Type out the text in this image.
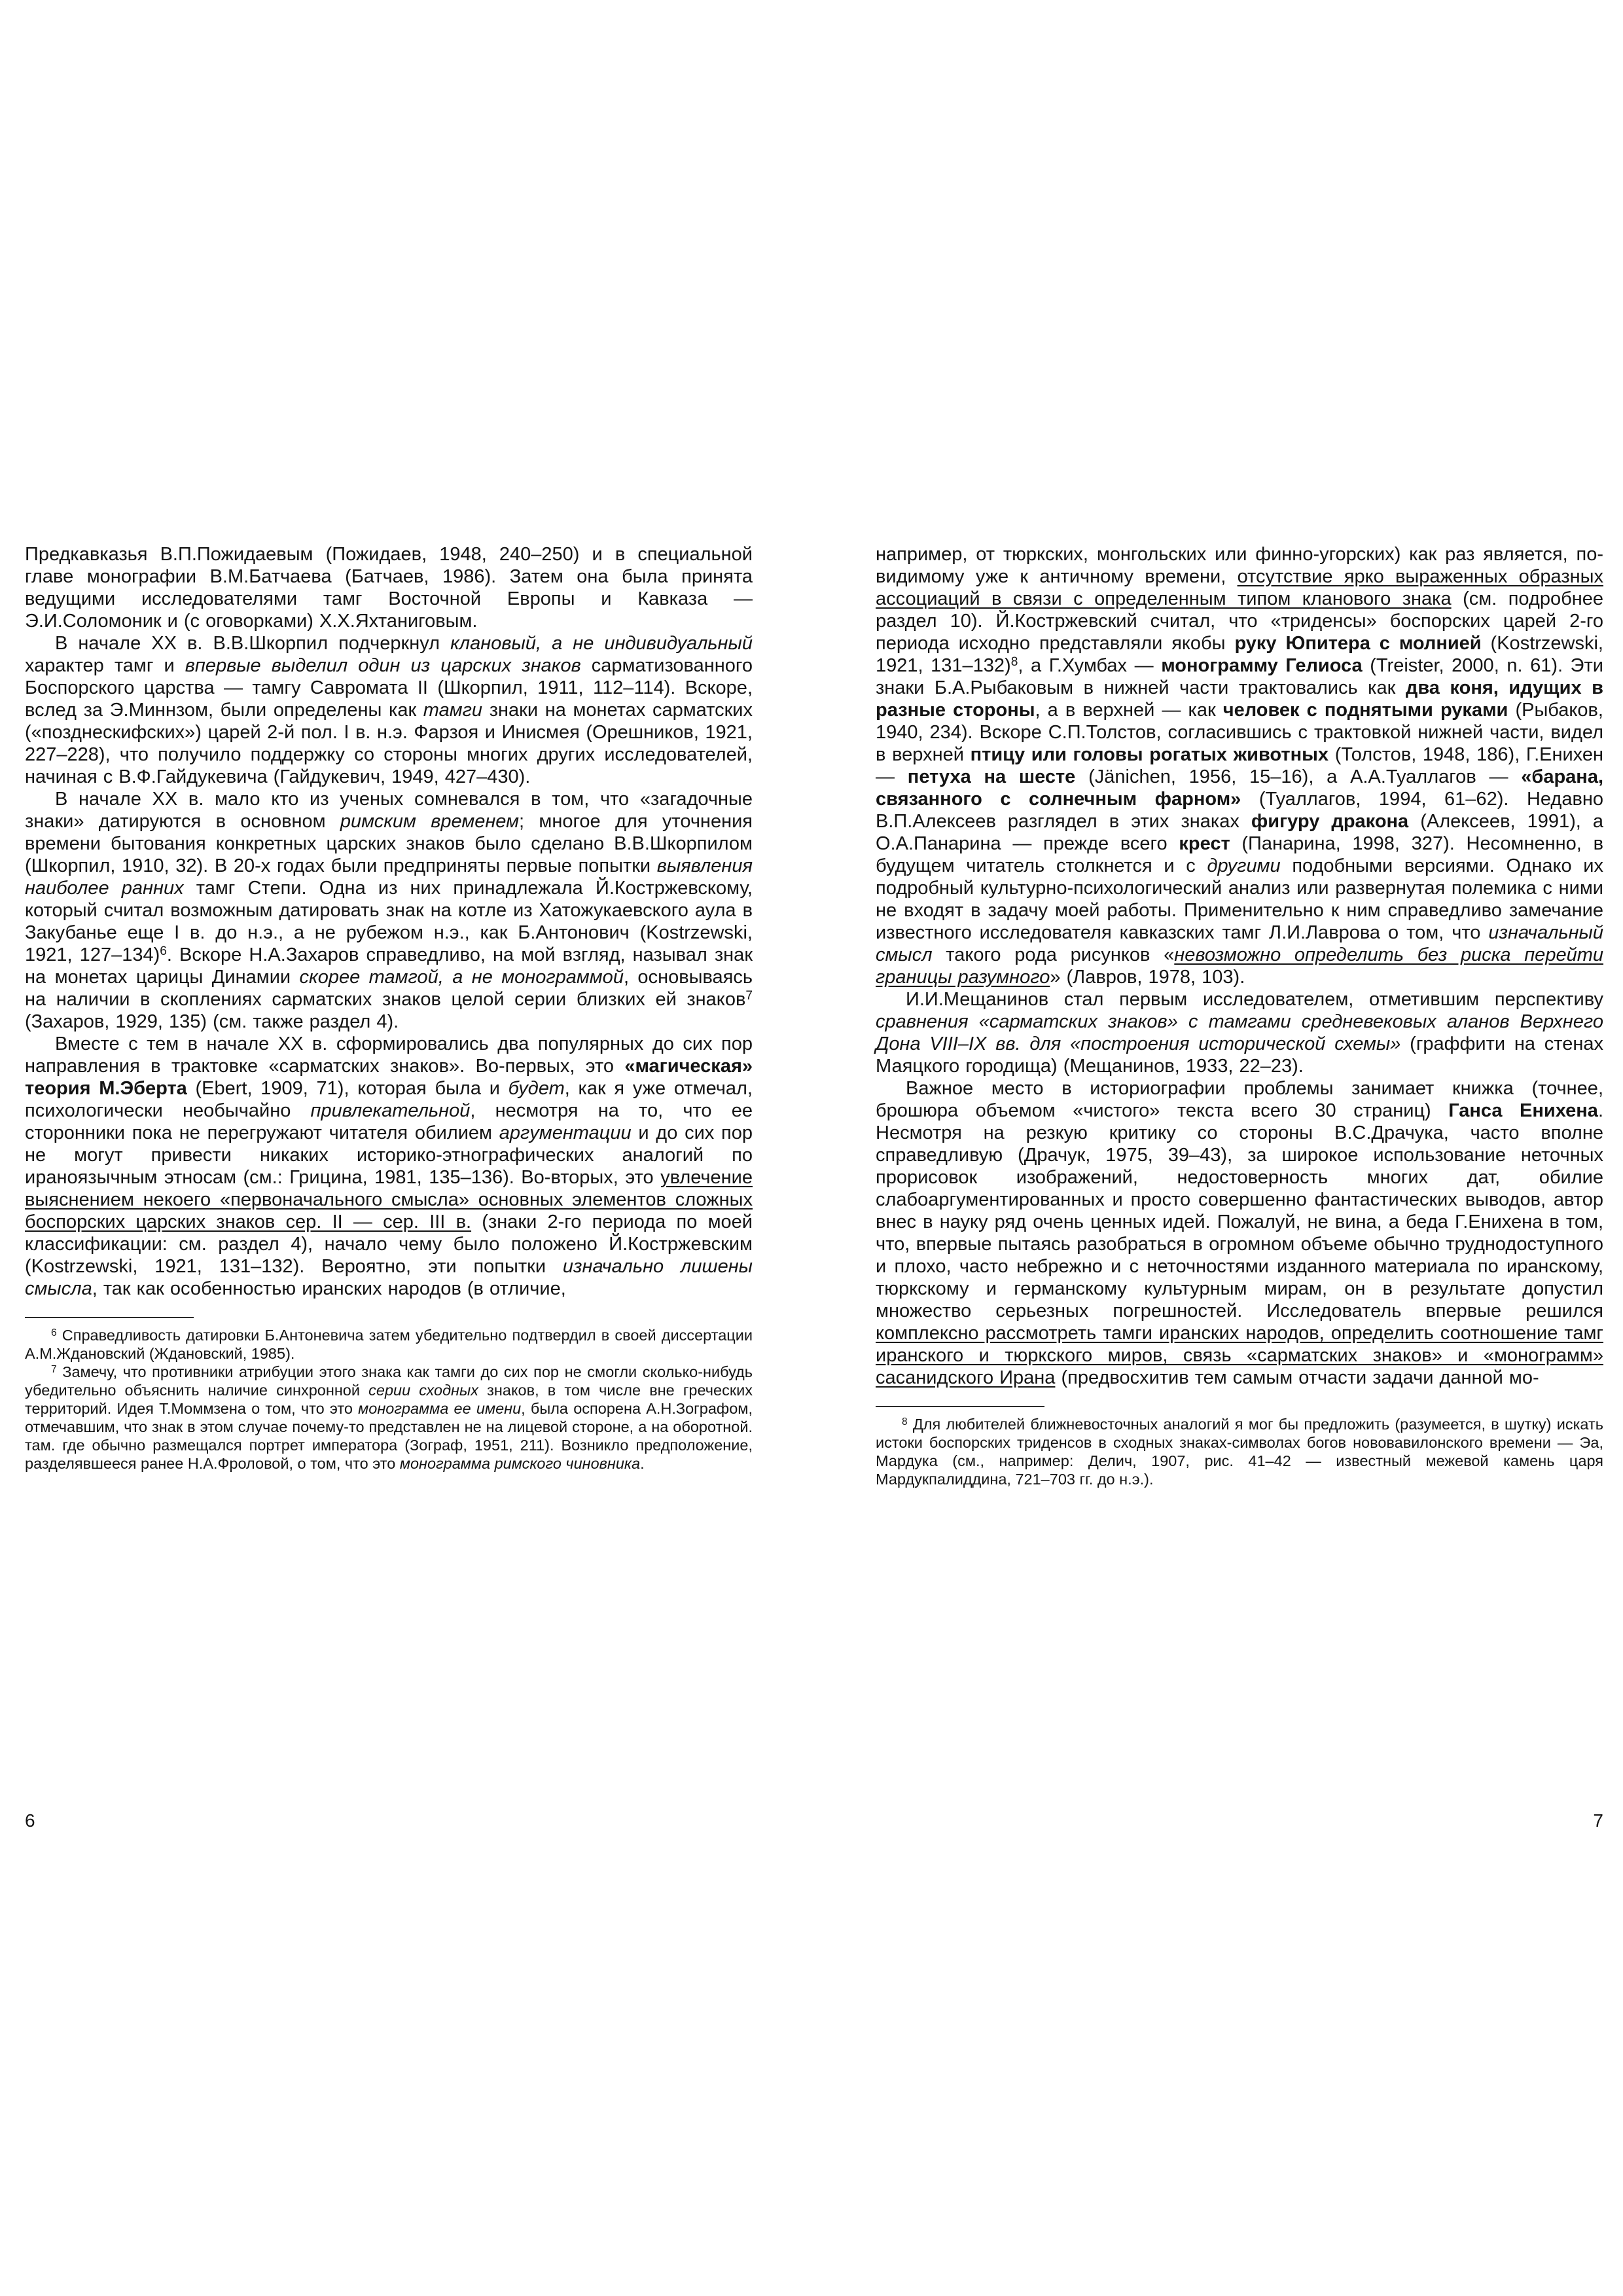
Предкавказья В.П.Пожидаевым (Пожидаев, 1948, 240–250) и в специальной главе монографии В.М.Батчаева (Батчаев, 1986). Затем она была принята ведущими исследователями тамг Восточной Европы и Кавказа — Э.И.Соломоник и (с оговорками) Х.Х.Яхтаниговым.

В начале XX в. В.В.Шкорпил подчеркнул клановый, а не индивидуальный характер тамг и впервые выделил один из царских знаков сарматизованного Боспорского царства — тамгу Савромата II (Шкорпил, 1911, 112–114). Вскоре, вслед за Э.Миннзом, были определены как тамги знаки на монетах сарматских («позднескифских») царей 2-й пол. I в. н.э. Фарзоя и Инисмея (Орешников, 1921, 227–228), что получило поддержку со стороны многих других исследователей, начиная с В.Ф.Гайдукевича (Гайдукевич, 1949, 427–430).

В начале XX в. мало кто из ученых сомневался в том, что «загадочные знаки» датируются в основном римским временем; многое для уточнения времени бытования конкретных царских знаков было сделано В.В.Шкорпилом (Шкорпил, 1910, 32). В 20-х годах были предприняты первые попытки выявления наиболее ранних тамг Степи. Одна из них принадлежала Й.Костржевскому, который считал возможным датировать знак на котле из Хатожукаевского аула в Закубанье еще I в. до н.э., а не рубежом н.э., как Б.Антонович (Kostrzewski, 1921, 127–134)$^6$. Вскоре Н.А.Захаров справедливо, на мой взгляд, называл знак на монетах царицы Динамии скорее тамгой, а не монограммой, основываясь на наличии в скоплениях сарматских знаков целой серии близких ей знаков$^7$ (Захаров, 1929, 135) (см. также раздел 4).

Вместе с тем в начале XX в. сформировались два популярных до сих пор направления в трактовке «сарматских знаков». Во-первых, это «магическая» теория М.Эберта (Ebert, 1909, 71), которая была и будет, как я уже отмечал, психологически необычайно привлекательной, несмотря на то, что ее сторонники пока не перегружают читателя обилием аргументации и до сих пор не могут привести никаких историко-этнографических аналогий по ираноязычным этносам (см.: Грицина, 1981, 135–136). Во-вторых, это увлечение выяснением некоего «первоначального смысла» основных элементов сложных боспорских царских знаков сер. II — сер. III в. (знаки 2-го периода по моей классификации: см. раздел 4), начало чему было положено Й.Костржевским (Kostrzewski, 1921, 131–132). Вероятно, эти попытки изначально лишены смысла, так как особенностью иранских народов (в отличие,

$^6$ Справедливость датировки Б.Антоневича затем убедительно подтвердил в своей диссертации А.М.Ждановский (Ждановский, 1985).

$^7$ Замечу, что противники атрибуции этого знака как тамги до сих пор не смогли сколько-нибудь убедительно объяснить наличие синхронной серии сходных знаков, в том числе вне греческих территорий. Идея Т.Моммзена о том, что это монограмма ее имени, была оспорена А.Н.Зографом, отмечавшим, что знак в этом случае почему-то представлен не на лицевой стороне, а на оборотной. там. где обычно размещался портрет императора (Зограф, 1951, 211). Возникло предположение, разделявшееся ранее Н.А.Фроловой, о том, что это монограмма римского чиновника.

6

например, от тюркских, монгольских или финно-угорских) как раз является, по-видимому уже к античному времени, отсутствие ярко выраженных образных ассоциаций в связи с определенным типом кланового знака (см. подробнее раздел 10). Й.Костржевский считал, что «триденсы» боспорских царей 2-го периода исходно представляли якобы руку Юпитера с молнией (Kostrzewski, 1921, 131–132)$^8$, а Г.Хумбах — монограмму Гелиоса (Treister, 2000, n. 61). Эти знаки Б.А.Рыбаковым в нижней части трактовались как два коня, идущих в разные стороны, а в верхней — как человек с поднятыми руками (Рыбаков, 1940, 234). Вскоре С.П.Толстов, согласившись с трактовкой нижней части, видел в верхней птицу или головы рогатых животных (Толстов, 1948, 186), Г.Енихен — петуха на шесте (Jänichen, 1956, 15–16), а А.А.Туаллагов — «барана, связанного с солнечным фарном» (Туаллагов, 1994, 61–62). Недавно В.П.Алексеев разглядел в этих знаках фигуру дракона (Алексеев, 1991), а О.А.Панарина — прежде всего крест (Панарина, 1998, 327). Несомненно, в будущем читатель столкнется и с другими подобными версиями. Однако их подробный культурно-психологический анализ или развернутая полемика с ними не входят в задачу моей работы. Применительно к ним справедливо замечание известного исследователя кавказских тамг Л.И.Лаврова о том, что изначальный смысл такого рода рисунков «невозможно определить без риска перейти границы разумного» (Лавров, 1978, 103).

И.И.Мещанинов стал первым исследователем, отметившим перспективу сравнения «сарматских знаков» с тамгами средневековых аланов Верхнего Дона VIII–IX вв. для «построения исторической схемы» (граффити на стенах Маяцкого городища) (Мещанинов, 1933, 22–23).

Важное место в историографии проблемы занимает книжка (точнее, брошюра объемом «чистого» текста всего 30 страниц) Ганса Енихена. Несмотря на резкую критику со стороны В.С.Драчука, часто вполне справедливую (Драчук, 1975, 39–43), за широкое использование неточных прорисовок изображений, недостоверность многих дат, обилие слабоаргументированных и просто совершенно фантастических выводов, автор внес в науку ряд очень ценных идей. Пожалуй, не вина, а беда Г.Енихена в том, что, впервые пытаясь разобраться в огромном объеме обычно труднодоступного и плохо, часто небрежно и с неточностями изданного материала по иранскому, тюркскому и германскому культурным мирам, он в результате допустил множество серьезных погрешностей. Исследователь впервые решился комплексно рассмотреть тамги иранских народов, определить соотношение тамг иранского и тюркского миров, связь «сарматских знаков» и «монограмм» сасанидского Ирана (предвосхитив тем самым отчасти задачи данной мо-

$^8$ Для любителей ближневосточных аналогий я мог бы предложить (разумеется, в шутку) искать истоки боспорских триденсов в сходных знаках-символах богов нововавилонского времени — Эа, Мардука (см., например: Делич, 1907, рис. 41–42 — известный межевой камень царя Мардукпалиддина, 721–703 гг. до н.э.).

7
